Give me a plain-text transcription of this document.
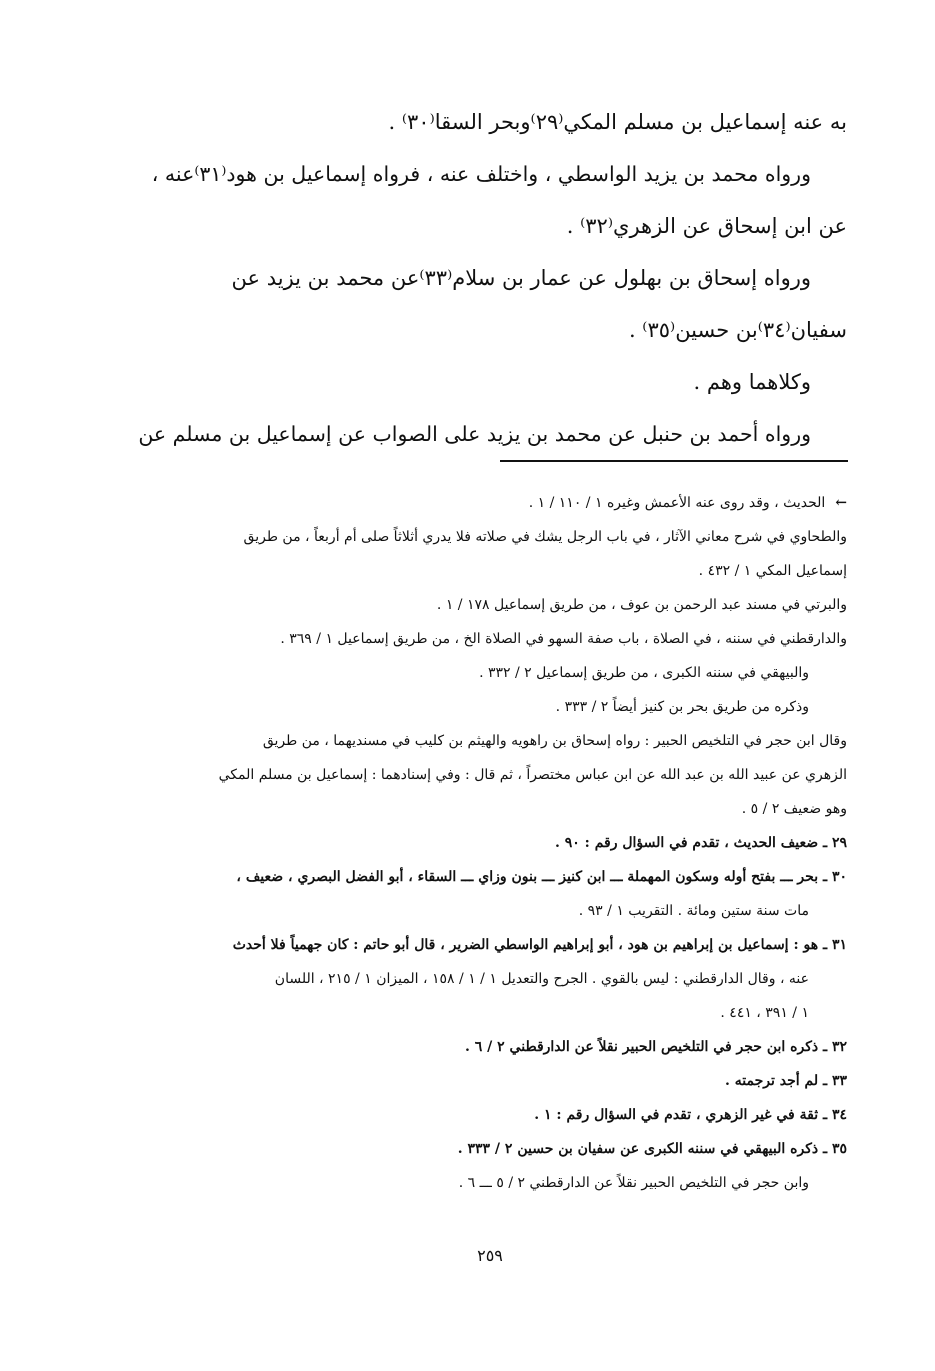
به عنه إسماعيل بن مسلم المكي⁽٢٩⁾وبحر السقا⁽٣٠⁾ .

ورواه محمد بن يزيد الواسطي ، واختلف عنه ، فرواه إسماعيل بن هود⁽٣١⁾عنه ،

عن ابن إسحاق عن الزهري⁽٣٢⁾ .

ورواه إسحاق بن بهلول عن عمار بن سلام⁽٣٣⁾عن محمد بن يزيد عن

سفيان⁽٣٤⁾بن حسين⁽٣٥⁾ .

وكلاهما وهم .

ورواه أحمد بن حنبل عن محمد بن يزيد على الصواب عن إسماعيل بن مسلم عن

←الحديث ، وقد روى عنه الأعمش وغيره ١ / ١١٠ / ١ .

والطحاوي في شرح معاني الآثار ، في باب الرجل يشك في صلاته فلا يدري أثلاثاً صلى أم أربعاً ، من طريق

إسماعيل المكي ١ / ٤٣٢ .

والبرتي في مسند عبد الرحمن بن عوف ، من طريق إسماعيل ١٧٨ / ١ .

والدارقطني في سننه ، في الصلاة ، باب صفة السهو في الصلاة الخ ، من طريق إسماعيل ١ / ٣٦٩ .

والبيهقي في سننه الكبرى ، من طريق إسماعيل ٢ / ٣٣٢ .

وذكره من طريق بحر بن كنيز أيضاً ٢ / ٣٣٣ .

وقال ابن حجر في التلخيص الحبير : رواه إسحاق بن راهويه والهيثم بن كليب في مسنديهما ، من طريق

الزهري عن عبيد الله بن عبد الله عن ابن عباس مختصراً ، ثم قال : وفي إسنادهما : إسماعيل بن مسلم المكي

وهو ضعيف ٢ / ٥ .

٢٩ ـ ضعيف الحديث ، تقدم في السؤال رقم : ٩٠ .

٣٠ ـ بحر ـــ بفتح أوله وسكون المهملة ـــ ابن كنيز ـــ بنون وزاي ـــ السقاء ، أبو الفضل البصري ، ضعيف ،

مات سنة ستين ومائة . التقريب ١ / ٩٣ .

٣١ ـ هو : إسماعيل بن إبراهيم بن هود ، أبو إبراهيم الواسطي الضرير ، قال أبو حاتم : كان جهمياً فلا أحدث

عنه ، وقال الدارقطني : ليس بالقوي . الجرح والتعديل ١ / ١ / ١٥٨ ، الميزان ١ / ٢١٥ ، اللسان

١ / ٣٩١ ، ٤٤١ .

٣٢ ـ ذكره ابن حجر في التلخيص الحبير نقلاً عن الدارقطني ٢ / ٦ .

٣٣ ـ لم أجد ترجمته .

٣٤ ـ ثقة في غير الزهري ، تقدم في السؤال رقم : ١ .

٣٥ ـ ذكره البيهقي في سننه الكبرى عن سفيان بن حسين ٢ / ٣٣٣ .

وابن حجر في التلخيص الحبير نقلاً عن الدارقطني ٢ / ٥ ـــ ٦ .

٢٥٩
